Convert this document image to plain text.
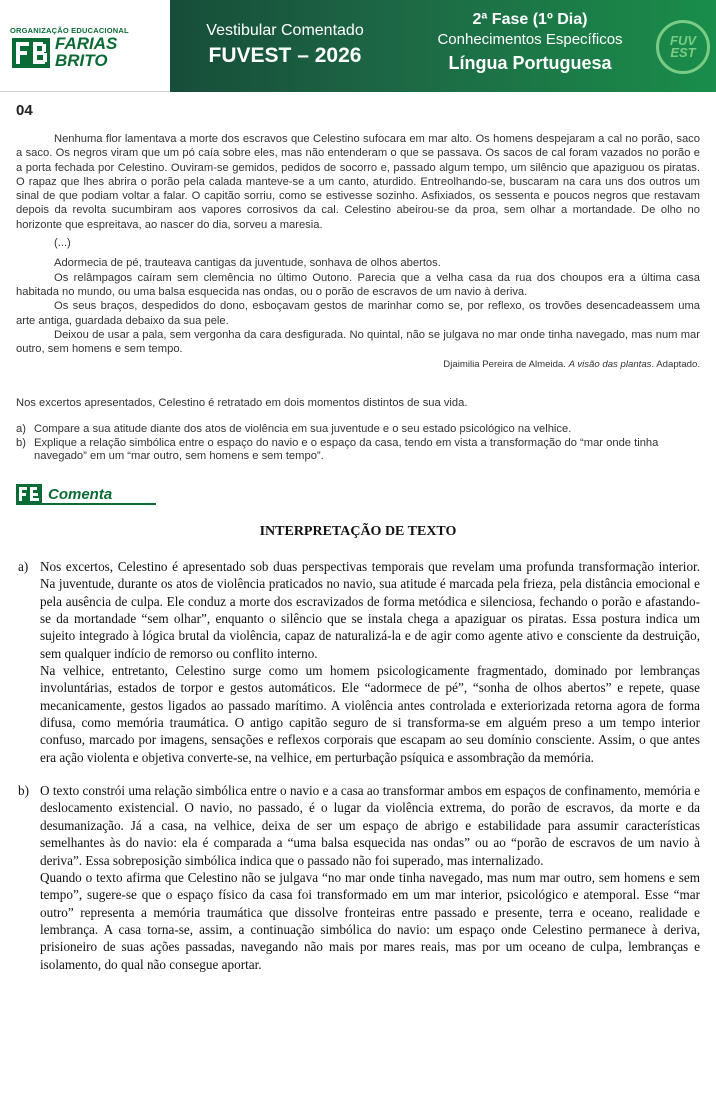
ORGANIZAÇÃO EDUCACIONAL
FARIAS
BRITO
Vestibular Comentado
FUVEST – 2026
2ª Fase (1º Dia)
Conhecimentos Específicos
Língua Portuguesa
FUV EST
04

Nenhuma flor lamentava a morte dos escravos que Celestino sufocara em mar alto. Os homens despejaram a cal no porão, saco a saco. Os negros viram que um pó caía sobre eles, mas não entenderam o que se passava. Os sacos de cal foram vazados no porão e a porta fechada por Celestino. Ouviram-se gemidos, pedidos de socorro e, passado algum tempo, um silêncio que apaziguou os piratas. O rapaz que lhes abrira o porão pela calada manteve-se a um canto, aturdido. Entreolhando-se, buscaram na cara uns dos outros um sinal de que podiam voltar a falar. O capitão sorriu, como se estivesse sozinho. Asfixiados, os sessenta e poucos negros que restavam depois da revolta sucumbiram aos vapores corrosivos da cal. Celestino abeirou-se da proa, sem olhar a mortandade. De olho no horizonte que espreitava, ao nascer do dia, sorveu a maresia.

(...)

Adormecia de pé, trauteava cantigas da juventude, sonhava de olhos abertos.

Os relâmpagos caíram sem clemência no último Outono. Parecia que a velha casa da rua dos choupos era a última casa habitada no mundo, ou uma balsa esquecida nas ondas, ou o porão de escravos de um navio à deriva.

Os seus braços, despedidos do dono, esboçavam gestos de marinhar como se, por reflexo, os trovões desencadeassem uma arte antiga, guardada debaixo da sua pele.

Deixou de usar a pala, sem vergonha da cara desfigurada. No quintal, não se julgava no mar onde tinha navegado, mas num mar outro, sem homens e sem tempo.

Djaimilia Pereira de Almeida. A visão das plantas. Adaptado.
Nos excertos apresentados, Celestino é retratado em dois momentos distintos de sua vida.
a) Compare a sua atitude diante dos atos de violência em sua juventude e o seu estado psicológico na velhice.
b) Explique a relação simbólica entre o espaço do navio e o espaço da casa, tendo em vista a transformação do “mar onde tinha navegado” em um “mar outro, sem homens e sem tempo”.
Comenta
INTERPRETAÇÃO DE TEXTO
a) Nos excertos, Celestino é apresentado sob duas perspectivas temporais que revelam uma profunda transformação interior. Na juventude, durante os atos de violência praticados no navio, sua atitude é marcada pela frieza, pela distância emocional e pela ausência de culpa. Ele conduz a morte dos escravizados de forma metódica e silenciosa, fechando o porão e afastando-se da mortandade “sem olhar”, enquanto o silêncio que se instala chega a apaziguar os piratas. Essa postura indica um sujeito integrado à lógica brutal da violência, capaz de naturalizá-la e de agir como agente ativo e consciente da destruição, sem qualquer indício de remorso ou conflito interno.

Na velhice, entretanto, Celestino surge como um homem psicologicamente fragmentado, dominado por lembranças involuntárias, estados de torpor e gestos automáticos. Ele “adormece de pé”, “sonha de olhos abertos” e repete, quase mecanicamente, gestos ligados ao passado marítimo. A violência antes controlada e exteriorizada retorna agora de forma difusa, como memória traumática. O antigo capitão seguro de si transforma-se em alguém preso a um tempo interior confuso, marcado por imagens, sensações e reflexos corporais que escapam ao seu domínio consciente. Assim, o que antes era ação violenta e objetiva converte-se, na velhice, em perturbação psíquica e assombração da memória.

b) O texto constrói uma relação simbólica entre o navio e a casa ao transformar ambos em espaços de confinamento, memória e deslocamento existencial. O navio, no passado, é o lugar da violência extrema, do porão de escravos, da morte e da desumanização. Já a casa, na velhice, deixa de ser um espaço de abrigo e estabilidade para assumir características semelhantes às do navio: ela é comparada a “uma balsa esquecida nas ondas” ou ao “porão de escravos de um navio à deriva”. Essa sobreposição simbólica indica que o passado não foi superado, mas internalizado.

Quando o texto afirma que Celestino não se julgava “no mar onde tinha navegado, mas num mar outro, sem homens e sem tempo”, sugere-se que o espaço físico da casa foi transformado em um mar interior, psicológico e atemporal. Esse “mar outro” representa a memória traumática que dissolve fronteiras entre passado e presente, terra e oceano, realidade e lembrança. A casa torna-se, assim, a continuação simbólica do navio: um espaço onde Celestino permanece à deriva, prisioneiro de suas ações passadas, navegando não mais por mares reais, mas por um oceano de culpa, lembranças e isolamento, do qual não consegue aportar.
